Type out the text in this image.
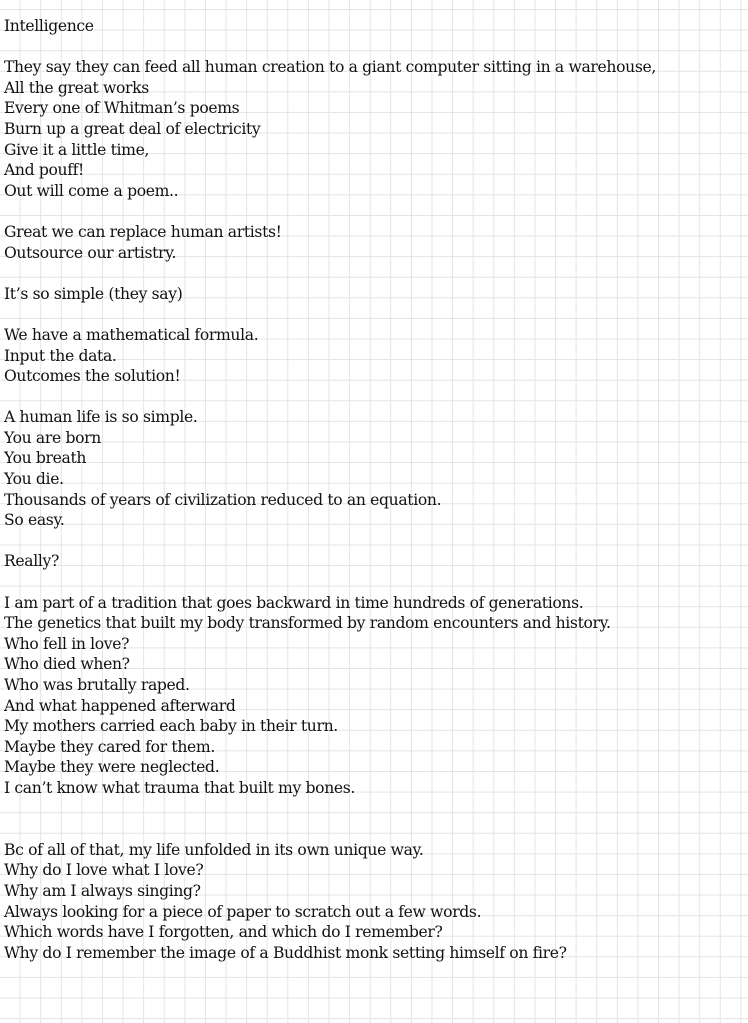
Intelligence
They say they can feed all human creation to a giant computer sitting in a warehouse,
All the great works
Every one of Whitman’s poems
Burn up a great deal of electricity
Give it a little time,
And pouff!
Out will come a poem..
Great we can replace human artists!
Outsource our artistry.
It’s so simple (they say)
We have a mathematical formula.
Input the data.
Outcomes the solution!
A human life is so simple.
You are born
You breath
You die.
Thousands of years of civilization reduced to an equation.
So easy.
Really?
I am part of a tradition that goes backward in time hundreds of generations.
The genetics that built my body transformed by random encounters and history.
Who fell in love?
Who died when?
Who was brutally raped.
And what happened afterward
My mothers carried each baby in their turn.
Maybe they cared for them.
Maybe they were neglected.
I can’t know what trauma that built my bones.
Bc of all of that, my life unfolded in its own unique way.
Why do I love what I love?
Why am I always singing?
Always looking for a piece of paper to scratch out a few words.
Which words have I forgotten, and which do I remember?
Why do I remember the image of a Buddhist monk setting himself on fire?
